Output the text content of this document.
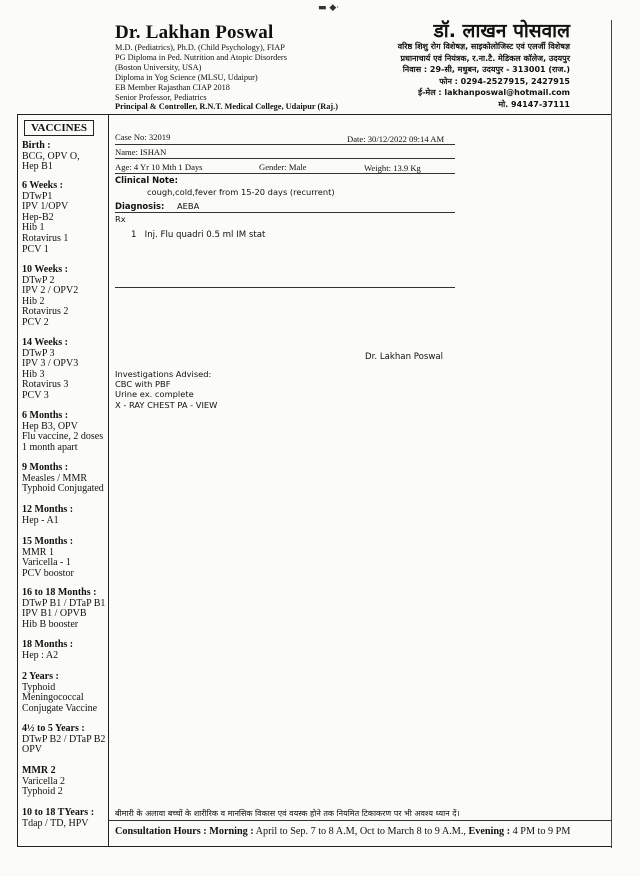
▬ ◆·
Dr. Lakhan Poswal
M.D. (Pediatrics), Ph.D. (Child Psychology), FIAP
PG Diploma in Ped. Nutrition and Atopic Disorders
(Boston University, USA)
Diploma in Yog Science (MLSU, Udaipur)
EB Member Rajasthan CIAP 2018
Senior Professor, Pediatrics
Principal & Controller, R.N.T. Medical College, Udaipur (Raj.)
डॉ. लाखन पोसवाल
वरिष्ठ शिशु रोग विशेषज्ञ, साइकोलोजिस्ट एवं एलर्जी विशेषज्ञ
प्रधानाचार्य एवं नियंत्रक, र.ना.टै. मेडिकल कॉलेज, उदयपुर
निवास : 29-सी, मधुबन, उदयपुर - 313001 (राज.)
फोन : 0294-2527915, 2427915
ई-मेल : lakhanposwal@hotmail.com
मो. 94147-37111
VACCINES
Birth :
BCG, OPV O,
Hep B1
6 Weeks :
DTwP1
IPV 1/OPV
Hep-B2
Hib 1
Rotavirus 1
PCV 1
10 Weeks :
DTwP 2
IPV 2 / OPV2
Hib 2
Rotavirus 2
PCV 2
14 Weeks :
DTwP 3
IPV 3 / OPV3
Hib 3
Rotavirus 3
PCV 3
6 Months :
Hep B3, OPV
Flu vaccine, 2 doses
1 month apart
9 Months :
Measles / MMR
Typhoid Conjugated
12 Months :
Hep - A1
15 Months :
MMR 1
Varicella - 1
PCV boostor
16 to 18 Months :
DTwP B1 / DTaP B1
IPV B1 / OPVB
Hib B booster
18 Months :
Hep : A2
2 Years :
Typhoid
Meningococcal
Conjugate Vaccine
4½ to 5 Years :
DTwP B2 / DTaP B2
OPV
MMR 2
Varicella 2
Typhoid 2
10 to 18 TYears :
Tdap / TD, HPV
Case No: 32019	Date: 30/12/2022 09:14 AM
Name: ISHAN
Age: 4 Yr 10 Mth 1 Days	Gender: Male	Weight: 13.9 Kg
Clinical Note:
cough,cold,fever from 15-20 days (recurrent)
Diagnosis: AEBA
Rx
1   Inj. Flu quadri 0.5 ml IM stat
Dr. Lakhan Poswal
Investigations Advised:
CBC with PBF
Urine ex. complete
X - RAY CHEST PA - VIEW
बीमारी के अलावा बच्चों के शारीरिक व मानसिक विकास एवं वयस्क होने तक नियमित टिकाकरण पर भी अवश्य ध्यान दें।
Consultation Hours : Morning : April to Sep. 7 to 8 A.M, Oct to March 8 to 9 A.M., Evening : 4 PM to 9 PM
